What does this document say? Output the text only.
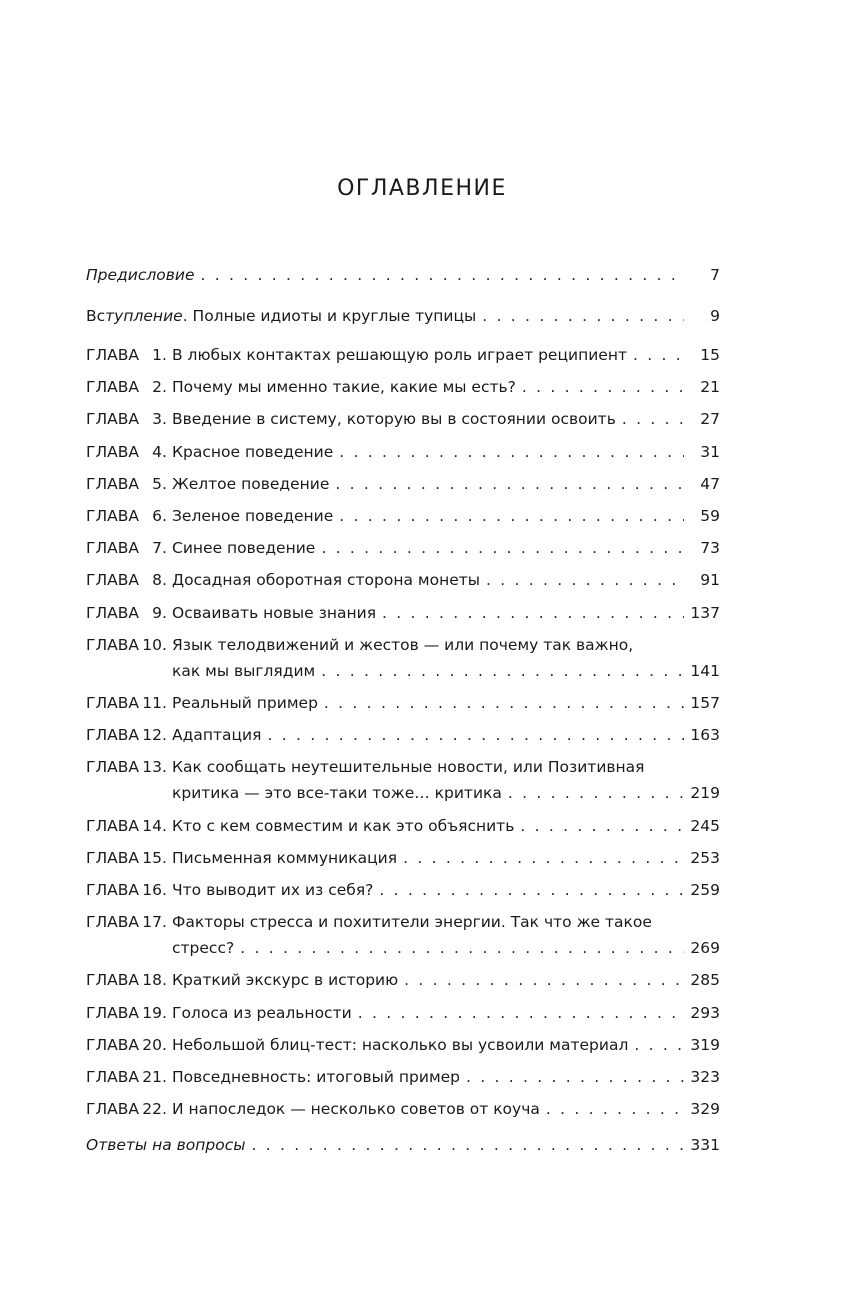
ОГЛАВЛЕНИЕ
Предисловие . . .	7
Вступление. Полные идиоты и круглые тупицы . . .	9
ГЛАВА 1. В любых контактах решающую роль играет реципиент . . .	15
ГЛАВА 2. Почему мы именно такие, какие мы есть? . . .	21
ГЛАВА 3. Введение в систему, которую вы в состоянии освоить . . .	27
ГЛАВА 4. Красное поведение . . .	31
ГЛАВА 5. Желтое поведение . . .	47
ГЛАВА 6. Зеленое поведение . . .	59
ГЛАВА 7. Синее поведение . . .	73
ГЛАВА 8. Досадная оборотная сторона монеты . . .	91
ГЛАВА 9. Осваивать новые знания . . .	137
ГЛАВА 10. Язык телодвижений и жестов — или почему так важно,
как мы выглядим . . .	141
ГЛАВА 11. Реальный пример . . .	157
ГЛАВА 12. Адаптация . . .	163
ГЛАВА 13. Как сообщать неутешительные новости, или Позитивная
критика — это все-таки тоже… критика . . .	219
ГЛАВА 14. Кто с кем совместим и как это объяснить . . .	245
ГЛАВА 15. Письменная коммуникация . . .	253
ГЛАВА 16. Что выводит их из себя? . . .	259
ГЛАВА 17. Факторы стресса и похитители энергии. Так что же такое
стресс? . . .	269
ГЛАВА 18. Краткий экскурс в историю . . .	285
ГЛАВА 19. Голоса из реальности . . .	293
ГЛАВА 20. Небольшой блиц-тест: насколько вы усвоили материал . . .	319
ГЛАВА 21. Повседневность: итоговый пример . . .	323
ГЛАВА 22. И напоследок — несколько советов от коуча . . .	329
Ответы на вопросы . . .	331
